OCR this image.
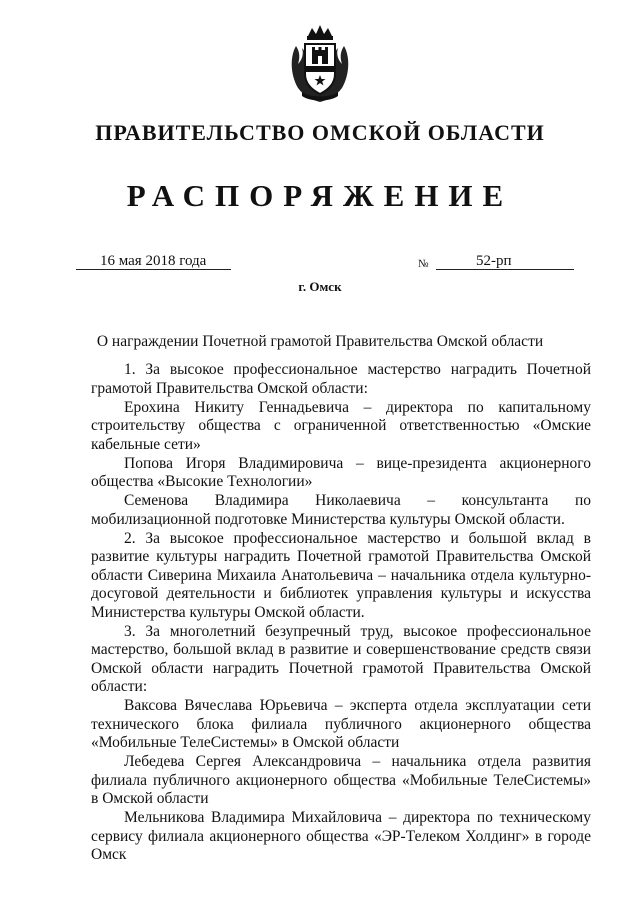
ПРАВИТЕЛЬСТВО ОМСКОЙ ОБЛАСТИ
РАСПОРЯЖЕНИЕ
16 мая 2018 года	№	52-рп
г. Омск
О награждении Почетной грамотой Правительства Омской области

1. За высокое профессиональное мастерство наградить Почетной грамотой Правительства Омской области:

Ерохина Никиту Геннадьевича – директора по капитальному строительству общества с ограниченной ответственностью «Омские кабельные сети»

Попова Игоря Владимировича – вице-президента акционерного общества «Высокие Технологии»

Семенова Владимира Николаевича – консультанта по мобилизационной подготовке Министерства культуры Омской области.

2. За высокое профессиональное мастерство и большой вклад в развитие культуры наградить Почетной грамотой Правительства Омской области Сиверина Михаила Анатольевича – начальника отдела культурно-досуговой деятельности и библиотек управления культуры и искусства Министерства культуры Омской области.

3. За многолетний безупречный труд, высокое профессиональное мастерство, большой вклад в развитие и совершенствование средств связи Омской области наградить Почетной грамотой Правительства Омской области:

Ваксова Вячеслава Юрьевича – эксперта отдела эксплуатации сети технического блока филиала публичного акционерного общества «Мобильные ТелеСистемы» в Омской области

Лебедева Сергея Александровича – начальника отдела развития филиала публичного акционерного общества «Мобильные ТелеСистемы» в Омской области

Мельникова Владимира Михайловича – директора по техническому сервису филиала акционерного общества «ЭР-Телеком Холдинг» в городе Омск
